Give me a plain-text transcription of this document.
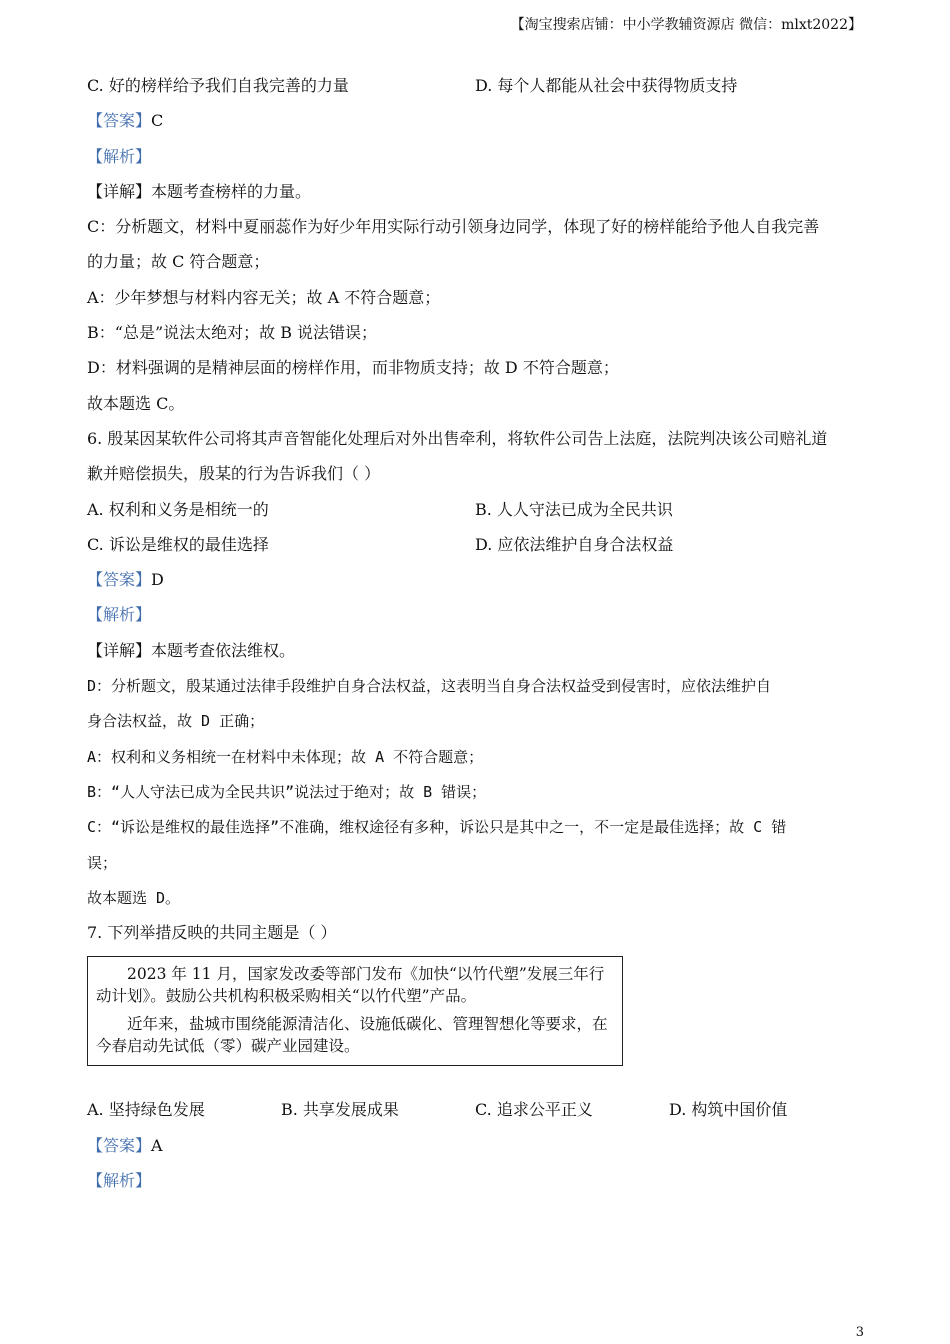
【淘宝搜索店铺：中小学教辅资源店 微信：mlxt2022】
C. 好的榜样给予我们自我完善的力量	D. 每个人都能从社会中获得物质支持
【答案】C
【解析】
【详解】本题考查榜样的力量。
C：分析题文，材料中夏丽蕊作为好少年用实际行动引领身边同学，体现了好的榜样能给予他人自我完善
的力量；故 C 符合题意；
A：少年梦想与材料内容无关；故 A 不符合题意；
B：“总是”说法太绝对；故 B 说法错误；
D：材料强调的是精神层面的榜样作用，而非物质支持；故 D 不符合题意；
故本题选 C。
6. 殷某因某软件公司将其声音智能化处理后对外出售牵利，将软件公司告上法庭，法院判决该公司赔礼道
歉并赔偿损失，殷某的行为告诉我们（ ）
A. 权利和义务是相统一的	B. 人人守法已成为全民共识
C. 诉讼是维权的最佳选择	D. 应依法维护自身合法权益
【答案】D
【解析】
【详解】本题考查依法维权。
D：分析题文，殷某通过法律手段维护自身合法权益，这表明当自身合法权益受到侵害时，应依法维护自
身合法权益，故 D 正确；
A：权利和义务相统一在材料中未体现；故 A 不符合题意；
B：“人人守法已成为全民共识”说法过于绝对；故 B 错误；
C：“诉讼是维权的最佳选择”不准确，维权途径有多种，诉讼只是其中之一，不一定是最佳选择；故 C 错
误；
故本题选 D。
7. 下列举措反映的共同主题是（ ）

2023 年 11 月，国家发改委等部门发布《加快“以竹代塑”发展三年行动计划》。鼓励公共机构积极采购相关“以竹代塑”产品。

近年来，盐城市围绕能源清洁化、设施低碳化、管理智想化等要求，在今春启动先试低（零）碳产业园建设。

A. 坚持绿色发展	B. 共享发展成果	C. 追求公平正义	D. 构筑中国价值
【答案】A
【解析】
3
